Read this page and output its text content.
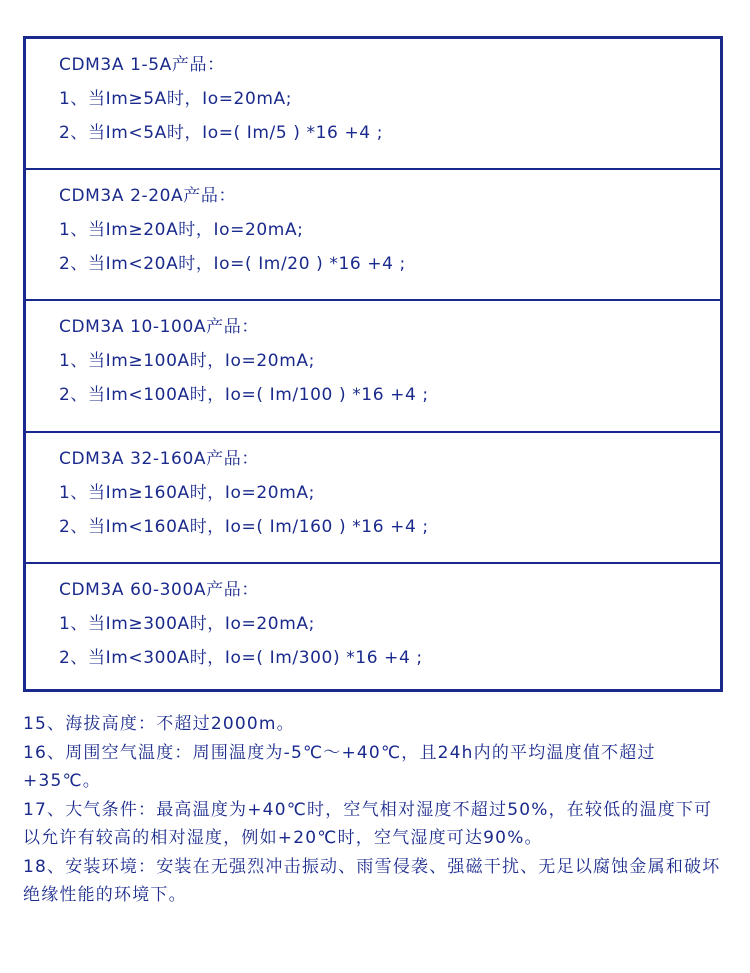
CDM3A 1-5A产品：
1、当Im≥5A时，Io=20mA;
2、当Im<5A时，Io=( Im/5 ) *16 +4 ;
CDM3A 2-20A产品：
1、当Im≥20A时，Io=20mA;
2、当Im<20A时，Io=( Im/20 ) *16 +4 ;
CDM3A 10-100A产品：
1、当Im≥100A时，Io=20mA;
2、当Im<100A时，Io=( Im/100 ) *16 +4 ;
CDM3A 32-160A产品：
1、当Im≥160A时，Io=20mA;
2、当Im<160A时，Io=( Im/160 ) *16 +4 ;
CDM3A 60-300A产品：
1、当Im≥300A时，Io=20mA;
2、当Im<300A时，Io=( Im/300) *16 +4 ;
15、海拔高度：不超过2000m。
16、周围空气温度：周围温度为-5℃～+40℃，且24h内的平均温度值不超过+35℃。
17、大气条件：最高温度为+40℃时，空气相对湿度不超过50%，在较低的温度下可以允许有较高的相对湿度，例如+20℃时，空气湿度可达90%。
18、安装环境：安装在无强烈冲击振动、雨雪侵袭、强磁干扰、无足以腐蚀金属和破坏绝缘性能的环境下。
